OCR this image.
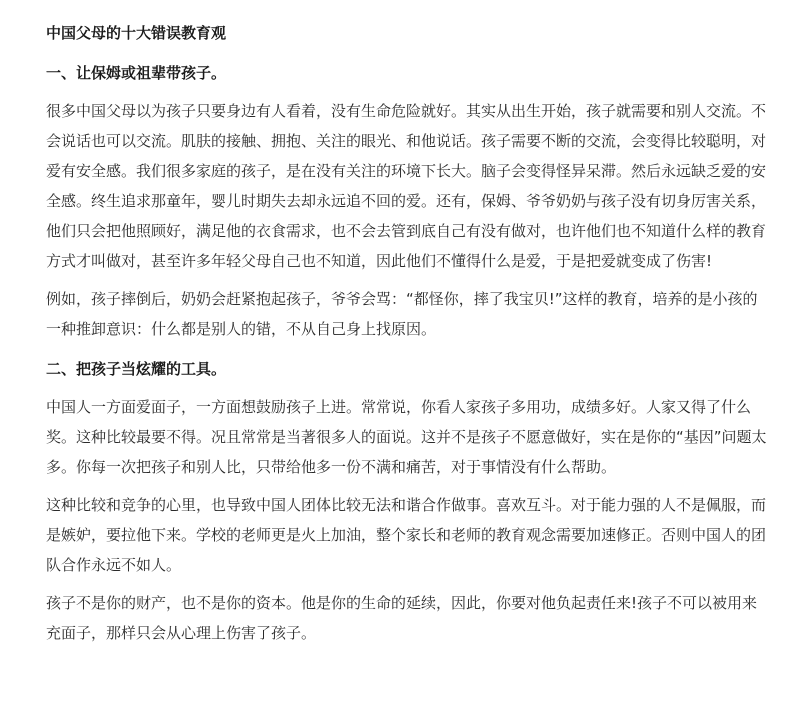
中国父母的十大错误教育观
一、让保姆或祖辈带孩子。

很多中国父母以为孩子只要身边有人看着，没有生命危险就好。其实从出生开始，孩子就需要和别人交流。不会说话也可以交流。肌肤的接触、拥抱、关注的眼光、和他说话。孩子需要不断的交流，会变得比较聪明，对爱有安全感。我们很多家庭的孩子，是在没有关注的环境下长大。脑子会变得怪异呆滞。然后永远缺乏爱的安全感。终生追求那童年，婴儿时期失去却永远追不回的爱。还有，保姆、爷爷奶奶与孩子没有切身厉害关系，他们只会把他照顾好，满足他的衣食需求，也不会去管到底自己有没有做对，也许他们也不知道什么样的教育方式才叫做对，甚至许多年轻父母自己也不知道，因此他们不懂得什么是爱，于是把爱就变成了伤害!

例如，孩子摔倒后，奶奶会赶紧抱起孩子，爷爷会骂：“都怪你，摔了我宝贝!”这样的教育，培养的是小孩的一种推卸意识：什么都是别人的错，不从自己身上找原因。

二、把孩子当炫耀的工具。

中国人一方面爱面子，一方面想鼓励孩子上进。常常说，你看人家孩子多用功，成绩多好。人家又得了什么奖。这种比较最要不得。况且常常是当著很多人的面说。这并不是孩子不愿意做好，实在是你的“基因”问题太多。你每一次把孩子和别人比，只带给他多一份不满和痛苦，对于事情没有什么帮助。

这种比较和竞争的心里，也导致中国人团体比较无法和谐合作做事。喜欢互斗。对于能力强的人不是佩服，而是嫉妒，要拉他下来。学校的老师更是火上加油，整个家长和老师的教育观念需要加速修正。否则中国人的团队合作永远不如人。

孩子不是你的财产，也不是你的资本。他是你的生命的延续，因此，你要对他负起责任来!孩子不可以被用来充面子，那样只会从心理上伤害了孩子。
